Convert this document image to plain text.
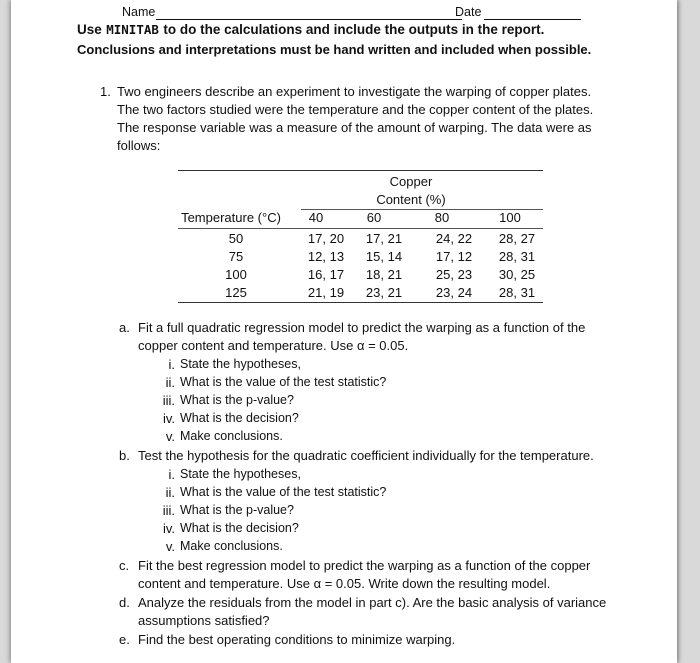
Name	Date
Use MINITAB to do the calculations and include the outputs in the report.
Conclusions and interpretations must be hand written and included when possible.
1. Two engineers describe an experiment to investigate the warping of copper plates.
The two factors studied were the temperature and the copper content of the plates.
The response variable was a measure of the amount of warping. The data were as
follows:
Copper
Content (%)
Temperature (°C)	40	60	80	100
50	17, 20	17, 21	24, 22	28, 27
75	12, 13	15, 14	17, 12	28, 31
100	16, 17	18, 21	25, 23	30, 25
125	21, 19	23, 21	23, 24	28, 31
a. Fit a full quadratic regression model to predict the warping as a function of the
copper content and temperature. Use α = 0.05.
i. State the hypotheses,
ii. What is the value of the test statistic?
iii. What is the p-value?
iv. What is the decision?
v. Make conclusions.
b. Test the hypothesis for the quadratic coefficient individually for the temperature.
i. State the hypotheses,
ii. What is the value of the test statistic?
iii. What is the p-value?
iv. What is the decision?
v. Make conclusions.
c. Fit the best regression model to predict the warping as a function of the copper
content and temperature. Use α = 0.05. Write down the resulting model.
d. Analyze the residuals from the model in part c). Are the basic analysis of variance
assumptions satisfied?
e. Find the best operating conditions to minimize warping.
